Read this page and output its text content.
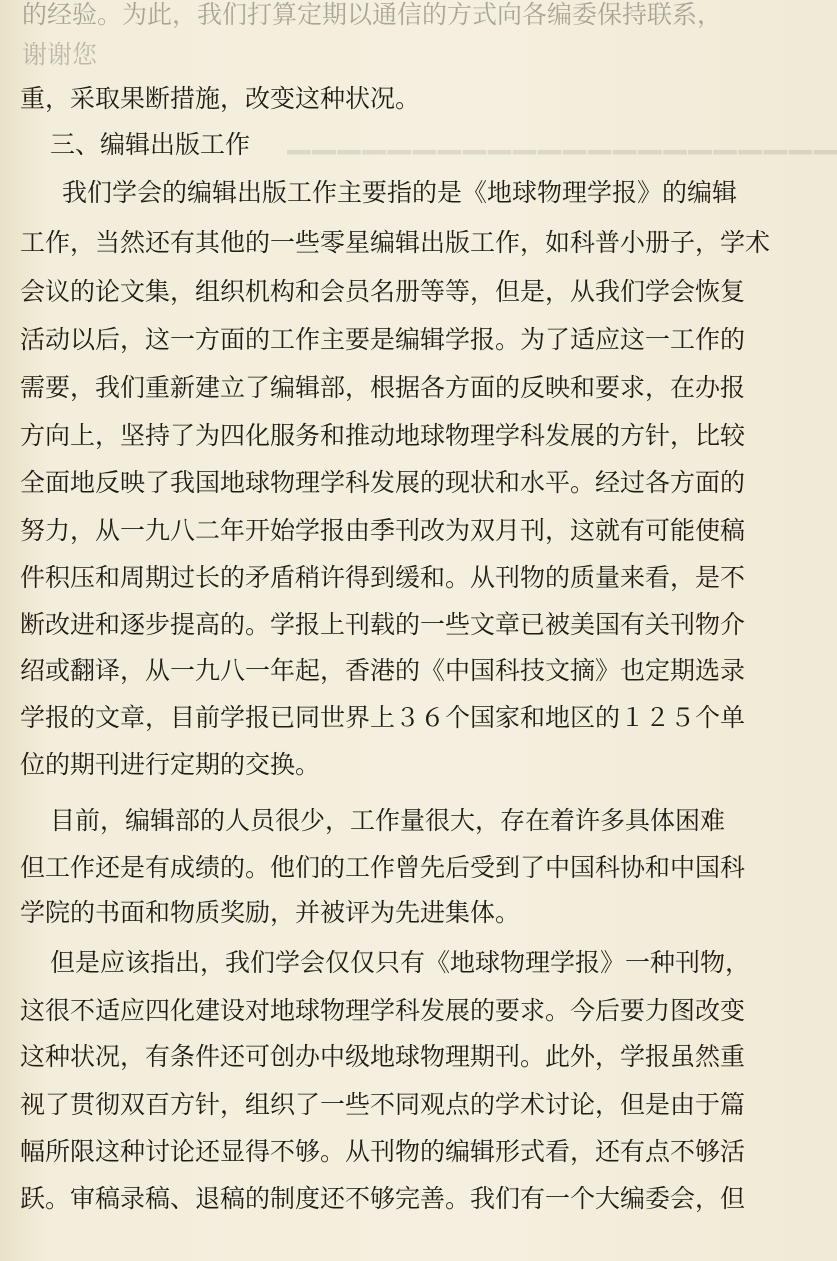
▁▁▁▁▁▁▁▁▁▁▁▁▁▁▁▁▁▁▁▁▁▁
的经验。为此，我们打算定期以通信的方式向各编委保持联系，
重，采取果断措施，改变这种状况。
三、编辑出版工作
我们学会的编辑出版工作主要指的是《地球物理学报》的编辑
工作，当然还有其他的一些零星编辑出版工作，如科普小册子，学术
会议的论文集，组织机构和会员名册等等，但是，从我们学会恢复
活动以后，这一方面的工作主要是编辑学报。为了适应这一工作的
需要，我们重新建立了编辑部，根据各方面的反映和要求，在办报
方向上，坚持了为四化服务和推动地球物理学科发展的方针，比较
全面地反映了我国地球物理学科发展的现状和水平。经过各方面的
努力，从一九八二年开始学报由季刊改为双月刊，这就有可能使稿
件积压和周期过长的矛盾稍许得到缓和。从刊物的质量来看，是不
断改进和逐步提高的。学报上刊载的一些文章已被美国有关刊物介
绍或翻译，从一九八一年起，香港的《中国科技文摘》也定期选录
学报的文章，目前学报已同世界上３６个国家和地区的１２５个单
位的期刊进行定期的交换。
目前，编辑部的人员很少，工作量很大，存在着许多具体困难
但工作还是有成绩的。他们的工作曾先后受到了中国科协和中国科
学院的书面和物质奖励，并被评为先进集体。
但是应该指出，我们学会仅仅只有《地球物理学报》一种刊物，
这很不适应四化建设对地球物理学科发展的要求。今后要力图改变
这种状况，有条件还可创办中级地球物理期刊。此外，学报虽然重
视了贯彻双百方针，组织了一些不同观点的学术讨论，但是由于篇
幅所限这种讨论还显得不够。从刊物的编辑形式看，还有点不够活
跃。审稿录稿、退稿的制度还不够完善。我们有一个大编委会，但
谢谢您
